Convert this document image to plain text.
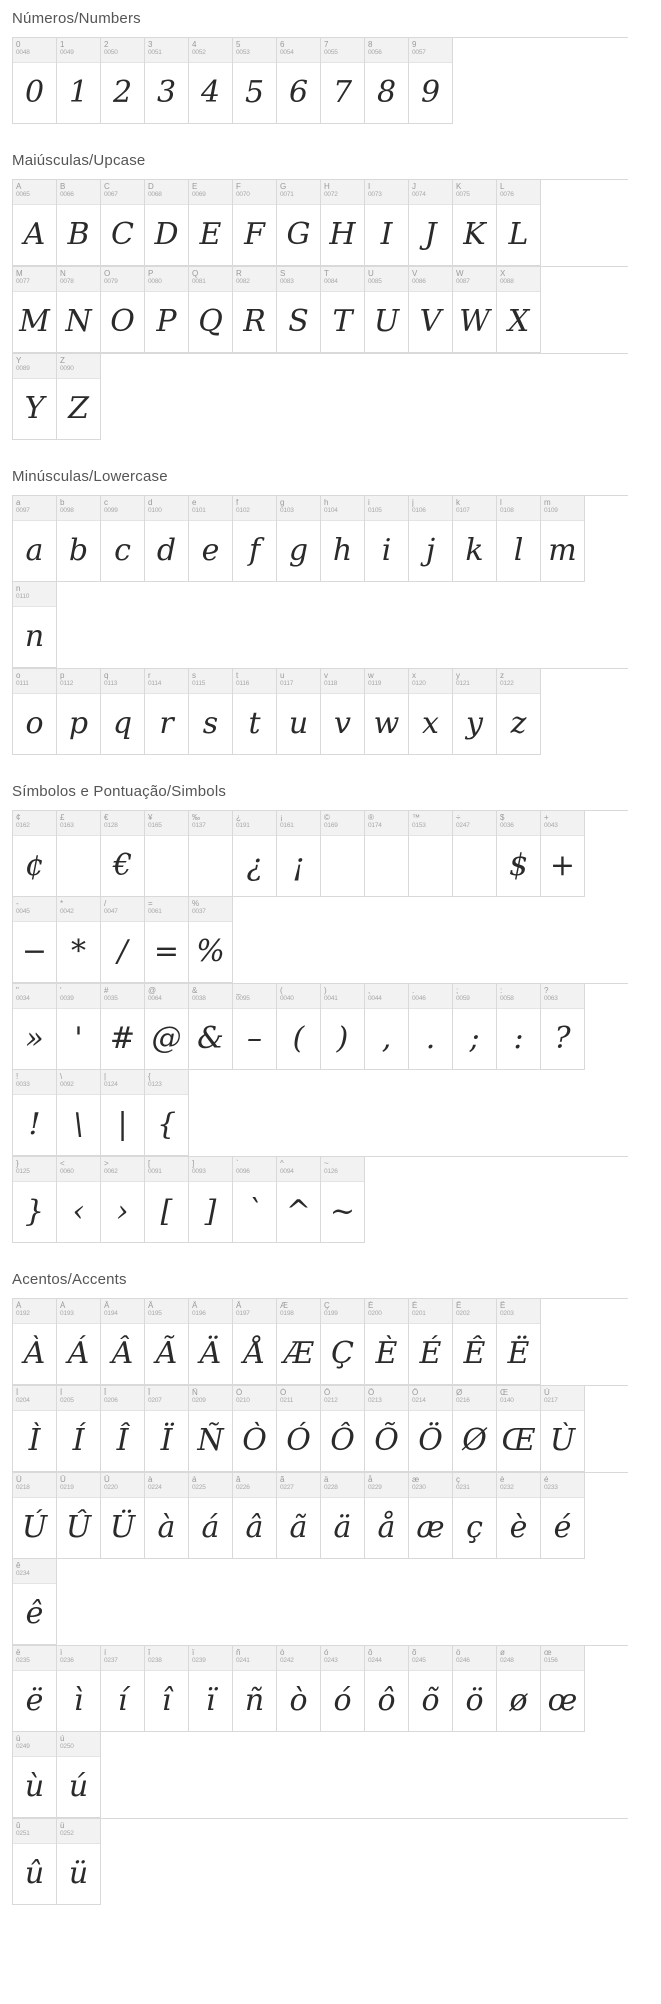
Números/Numbers
0
0048
0
1
0049
1
2
0050
2
3
0051
3
4
0052
4
5
0053
5
6
0054
6
7
0055
7
8
0056
8
9
0057
9
Maiúsculas/Upcase
A
0065
A
B
0066
B
C
0067
C
D
0068
D
E
0069
E
F
0070
F
G
0071
G
H
0072
H
I
0073
I
J
0074
J
K
0075
K
L
0076
L
M
0077
M
N
0078
N
O
0079
O
P
0080
P
Q
0081
Q
R
0082
R
S
0083
S
T
0084
T
U
0085
U
V
0086
V
W
0087
W
X
0088
X
Y
0089
Y
Z
0090
Z
Minúsculas/Lowercase
a
0097
a
b
0098
b
c
0099
c
d
0100
d
e
0101
e
f
0102
f
g
0103
g
h
0104
h
i
0105
i
j
0106
j
k
0107
k
l
0108
l
m
0109
m
n
0110
n
o
0111
o
p
0112
p
q
0113
q
r
0114
r
s
0115
s
t
0116
t
u
0117
u
v
0118
v
w
0119
w
x
0120
x
y
0121
y
z
0122
z
Símbolos e Pontuação/Simbols
¢
0162
¢
£
0163
€
0128
€
¥
0165
‰
0137
¿
0191
¿
¡
0161
¡
©
0169
®
0174
™
0153
÷
0247
$
0036
$
+
0043
+
-
0045
−
*
0042
*
/
0047
/
=
0061
=
%
0037
%
"
0034
»
'
0039
'
#
0035
#
@
0064
@
&
0038
&
_
0095
–
(
0040
(
)
0041
)
,
0044
,
.
0046
.
;
0059
;
:
0058
:
?
0063
?
!
0033
!
\
0092
\
|
0124
|
{
0123
{
}
0125
}
<
0060
‹
>
0062
›
[
0091
[
]
0093
]
`
0096
`
^
0094
^
~
0126
~
Acentos/Accents
À
0192
À
Á
0193
Á
Â
0194
Â
Ã
0195
Ã
Ä
0196
Ä
Å
0197
Å
Æ
0198
Æ
Ç
0199
Ç
È
0200
È
É
0201
É
Ê
0202
Ê
Ë
0203
Ë
Ì
0204
Ì
Í
0205
Í
Î
0206
Î
Ï
0207
Ï
Ñ
0209
Ñ
Ò
0210
Ò
Ó
0211
Ó
Ô
0212
Ô
Õ
0213
Õ
Ö
0214
Ö
Ø
0216
Ø
Œ
0140
Œ
Ù
0217
Ù
Ú
0218
Ú
Û
0219
Û
Ü
0220
Ü
à
0224
à
á
0225
á
â
0226
â
ã
0227
ã
ä
0228
ä
å
0229
å
æ
0230
æ
ç
0231
ç
è
0232
è
é
0233
é
ê
0234
ê
ë
0235
ë
ì
0236
ì
í
0237
í
î
0238
î
ï
0239
ï
ñ
0241
ñ
ò
0242
ò
ó
0243
ó
ô
0244
ô
õ
0245
õ
ö
0246
ö
ø
0248
ø
œ
0156
œ
ù
0249
ù
ú
0250
ú
û
0251
û
ü
0252
ü
